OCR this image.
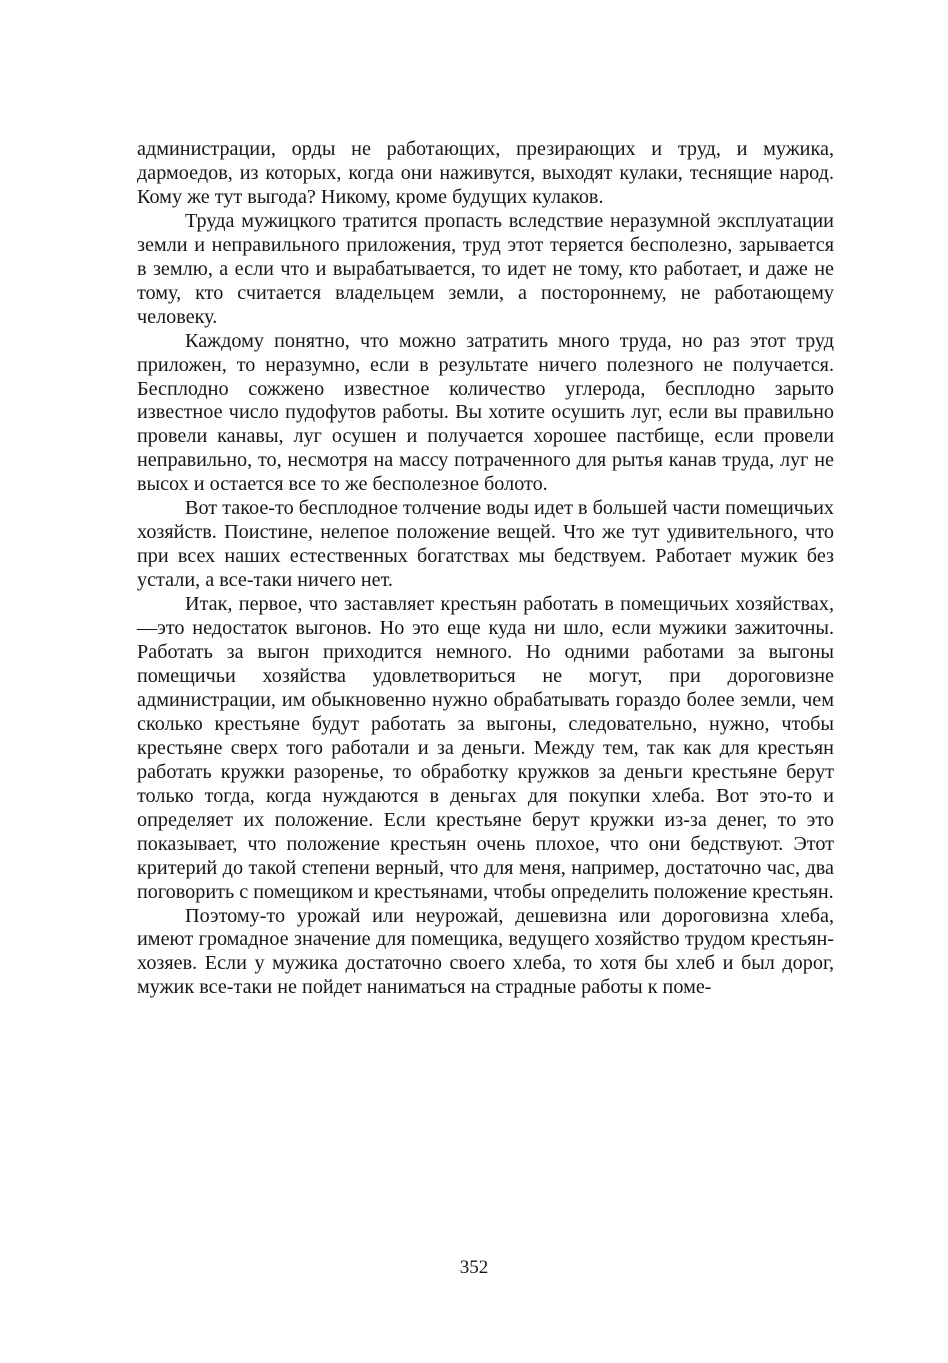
администрации, орды не работающих, презирающих и труд, и мужика, дармоедов, из которых, когда они наживутся, выходят кулаки, теснящие народ. Кому же тут выгода? Никому, кроме будущих кулаков.

Труда мужицкого тратится пропасть вследствие неразумной эксплуатации земли и неправильного приложения, труд этот теряется бесполезно, зарывается в землю, а если что и вырабатывается, то идет не тому, кто работает, и даже не тому, кто считается владельцем земли, а постороннему, не работающему человеку.

Каждому понятно, что можно затратить много труда, но раз этот труд приложен, то неразумно, если в результате ничего полезного не получается. Бесплодно сожжено известное количество углерода, бесплодно зарыто известное число пудофутов работы. Вы хотите осушить луг, если вы правильно провели канавы, луг осушен и получается хорошее пастбище, если провели неправильно, то, несмотря на массу потраченного для рытья канав труда, луг не высох и остается все то же бесполезное болото.

Вот такое-то бесплодное толчение воды идет в большей части помещичьих хозяйств. Поистине, нелепое положение вещей. Что же тут удивительного, что при всех наших естественных богатствах мы бедствуем. Работает мужик без устали, а все-таки ничего нет.

Итак, первое, что заставляет крестьян работать в помещичьих хозяйствах,—это недостаток выгонов. Но это еще куда ни шло, если мужики зажиточны. Работать за выгон приходится немного. Но одними работами за выгоны помещичьи хозяйства удовлетвориться не могут, при дороговизне администрации, им обыкновенно нужно обрабатывать гораздо более земли, чем сколько крестьяне будут работать за выгоны, следовательно, нужно, чтобы крестьяне сверх того работали и за деньги. Между тем, так как для крестьян работать кружки разоренье, то обработку кружков за деньги крестьяне берут только тогда, когда нуждаются в деньгах для покупки хлеба. Вот это-то и определяет их положение. Если крестьяне берут кружки из-за денег, то это показывает, что положение крестьян очень плохое, что они бедствуют. Этот критерий до такой степени верный, что для меня, например, достаточно час, два поговорить с помещиком и крестьянами, чтобы определить положение крестьян.

Поэтому-то урожай или неурожай, дешевизна или дороговизна хлеба, имеют громадное значение для помещика, ведущего хозяйство трудом крестьян-хозяев. Если у мужика достаточно своего хлеба, то хотя бы хлеб и был дорог, мужик все-таки не пойдет наниматься на страдные работы к поме-

352
